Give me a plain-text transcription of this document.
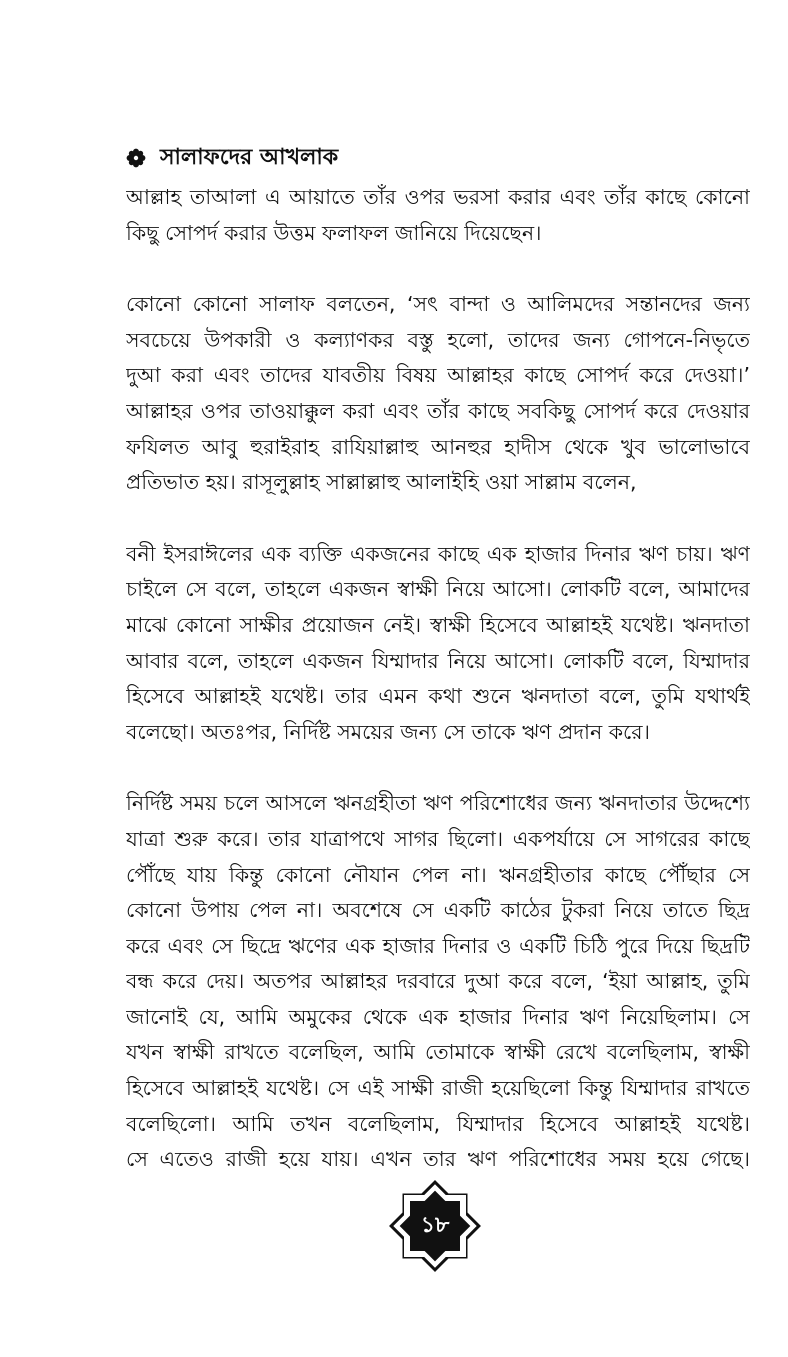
সালাফদের আখলাক

আল্লাহ তাআলা এ আয়াতে তাঁর ওপর ভরসা করার এবং তাঁর কাছে কোনো
কিছু সোপর্দ করার উত্তম ফলাফল জানিয়ে দিয়েছেন।

কোনো কোনো সালাফ বলতেন, ‘সৎ বান্দা ও আলিমদের সন্তানদের জন্য
সবচেয়ে উপকারী ও কল্যাণকর বস্তু হলো, তাদের জন্য গোপনে-নিভৃতে
দুআ করা এবং তাদের যাবতীয় বিষয় আল্লাহর কাছে সোপর্দ করে দেওয়া।’
আল্লাহর ওপর তাওয়াক্কুল করা এবং তাঁর কাছে সবকিছু সোপর্দ করে দেওয়ার
ফযিলত আবু হুরাইরাহ রাযিয়াল্লাহু আনহুর হাদীস থেকে খুব ভালোভাবে
প্রতিভাত হয়। রাসূলুল্লাহ সাল্লাল্লাহু আলাইহি ওয়া সাল্লাম বলেন,

বনী ইসরাঈলের এক ব্যক্তি একজনের কাছে এক হাজার দিনার ঋণ চায়। ঋণ
চাইলে সে বলে, তাহলে একজন স্বাক্ষী নিয়ে আসো। লোকটি বলে, আমাদের
মাঝে কোনো সাক্ষীর প্রয়োজন নেই। স্বাক্ষী হিসেবে আল্লাহই যথেষ্ট। ঋনদাতা
আবার বলে, তাহলে একজন যিম্মাদার নিয়ে আসো। লোকটি বলে, যিম্মাদার
হিসেবে আল্লাহই যথেষ্ট। তার এমন কথা শুনে ঋনদাতা বলে, তুমি যথার্থই
বলেছো। অতঃপর, নির্দিষ্ট সময়ের জন্য সে তাকে ঋণ প্রদান করে।

নির্দিষ্ট সময় চলে আসলে ঋনগ্রহীতা ঋণ পরিশোধের জন্য ঋনদাতার উদ্দেশ্যে
যাত্রা শুরু করে। তার যাত্রাপথে সাগর ছিলো। একপর্যায়ে সে সাগরের কাছে
পৌঁছে যায় কিন্তু কোনো নৌযান পেল না। ঋনগ্রহীতার কাছে পৌঁছার সে
কোনো উপায় পেল না। অবশেষে সে একটি কাঠের টুকরা নিয়ে তাতে ছিদ্র
করে এবং সে ছিদ্রে ঋণের এক হাজার দিনার ও একটি চিঠি পুরে দিয়ে ছিদ্রটি
বন্ধ করে দেয়। অতপর আল্লাহর দরবারে দুআ করে বলে, ‘ইয়া আল্লাহ, তুমি
জানোই যে, আমি অমুকের থেকে এক হাজার দিনার ঋণ নিয়েছিলাম। সে
যখন স্বাক্ষী রাখতে বলেছিল, আমি তোমাকে স্বাক্ষী রেখে বলেছিলাম, স্বাক্ষী
হিসেবে আল্লাহই যথেষ্ট। সে এই সাক্ষী রাজী হয়েছিলো কিন্তু যিম্মাদার রাখতে
বলেছিলো। আমি তখন বলেছিলাম, যিম্মাদার হিসেবে আল্লাহই যথেষ্ট।
সে এতেও রাজী হয়ে যায়। এখন তার ঋণ পরিশোধের সময় হয়ে গেছে।

১৮
